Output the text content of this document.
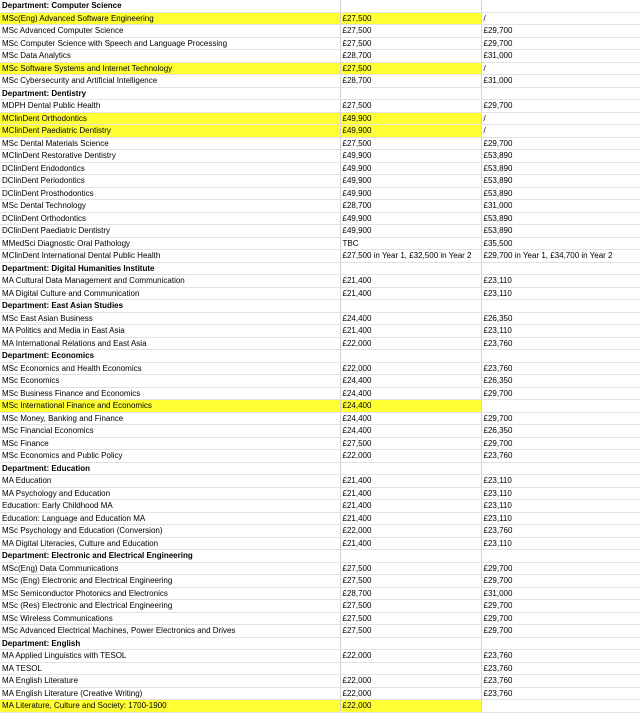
Department: Computer Science		
MSc(Eng) Advanced Software Engineering	£27,500	/
MSc Advanced Computer Science	£27,500	£29,700
MSc Computer Science with Speech and Language Processing	£27,500	£29,700
MSc Data Analytics	£28,700	£31,000
MSc Software Systems and Internet Technology	£27,500	/
MSc Cybersecurity and Artificial Intelligence	£28,700	£31,000
Department: Dentistry		
MDPH Dental Public Health	£27,500	£29,700
MClinDent Orthodontics	£49,900	/
MClinDent Paediatric Dentistry	£49,900	/
MSc Dental Materials Science	£27,500	£29,700
MClinDent Restorative Dentistry	£49,900	£53,890
DClinDent Endodontics	£49,900	£53,890
DClinDent Periodontics	£49,900	£53,890
DClinDent Prosthodontics	£49,900	£53,890
MSc Dental Technology	£28,700	£31,000
DClinDent Orthodontics	£49,900	£53,890
DClinDent Paediatric Dentistry	£49,900	£53,890
MMedSci Diagnostic Oral Pathology	TBC	£35,500
MClinDent International Dental Public Health	£27,500 in Year 1, £32,500 in Year 2	£29,700 in Year 1, £34,700 in Year 2
Department: Digital Humanities Institute		
MA Cultural Data Management and Communication	£21,400	£23,110
MA Digital Culture and Communication	£21,400	£23,110
Department: East Asian Studies		
MSc East Asian Business	£24,400	£26,350
MA Politics and Media in East Asia	£21,400	£23,110
MA International Relations and East Asia	£22,000	£23,760
Department: Economics		
MSc Economics and Health Economics	£22,000	£23,760
MSc Economics	£24,400	£26,350
MSc Business Finance and Economics	£24,400	£29,700
MSc International Finance and Economics	£24,400	
MSc Money, Banking and Finance	£24,400	£29,700
MSc Financial Economics	£24,400	£26,350
MSc Finance	£27,500	£29,700
MSc Economics and Public Policy	£22,000	£23,760
Department: Education		
MA Education	£21,400	£23,110
MA Psychology and Education	£21,400	£23,110
Education: Early Childhood MA	£21,400	£23,110
Education: Language and Education MA	£21,400	£23,110
MSc Psychology and Education (Conversion)	£22,000	£23,760
MA Digital Literacies, Culture and Education	£21,400	£23,110
Department: Electronic and Electrical Engineering		
MSc(Eng) Data Communications	£27,500	£29,700
MSc (Eng) Electronic and Electrical Engineering	£27,500	£29,700
MSc Semiconductor Photonics and Electronics	£28,700	£31,000
MSc (Res) Electronic and Electrical Engineering	£27,500	£29,700
MSc Wireless Communications	£27,500	£29,700
MSc Advanced Electrical Machines, Power Electronics and Drives	£27,500	£29,700
Department: English		
MA Applied Linguistics with TESOL	£22,000	£23,760
MA TESOL		£23,760
MA English Literature	£22,000	£23,760
MA English Literature (Creative Writing)	£22,000	£23,760
MA Literature, Culture and Society: 1700-1900	£22,000	
